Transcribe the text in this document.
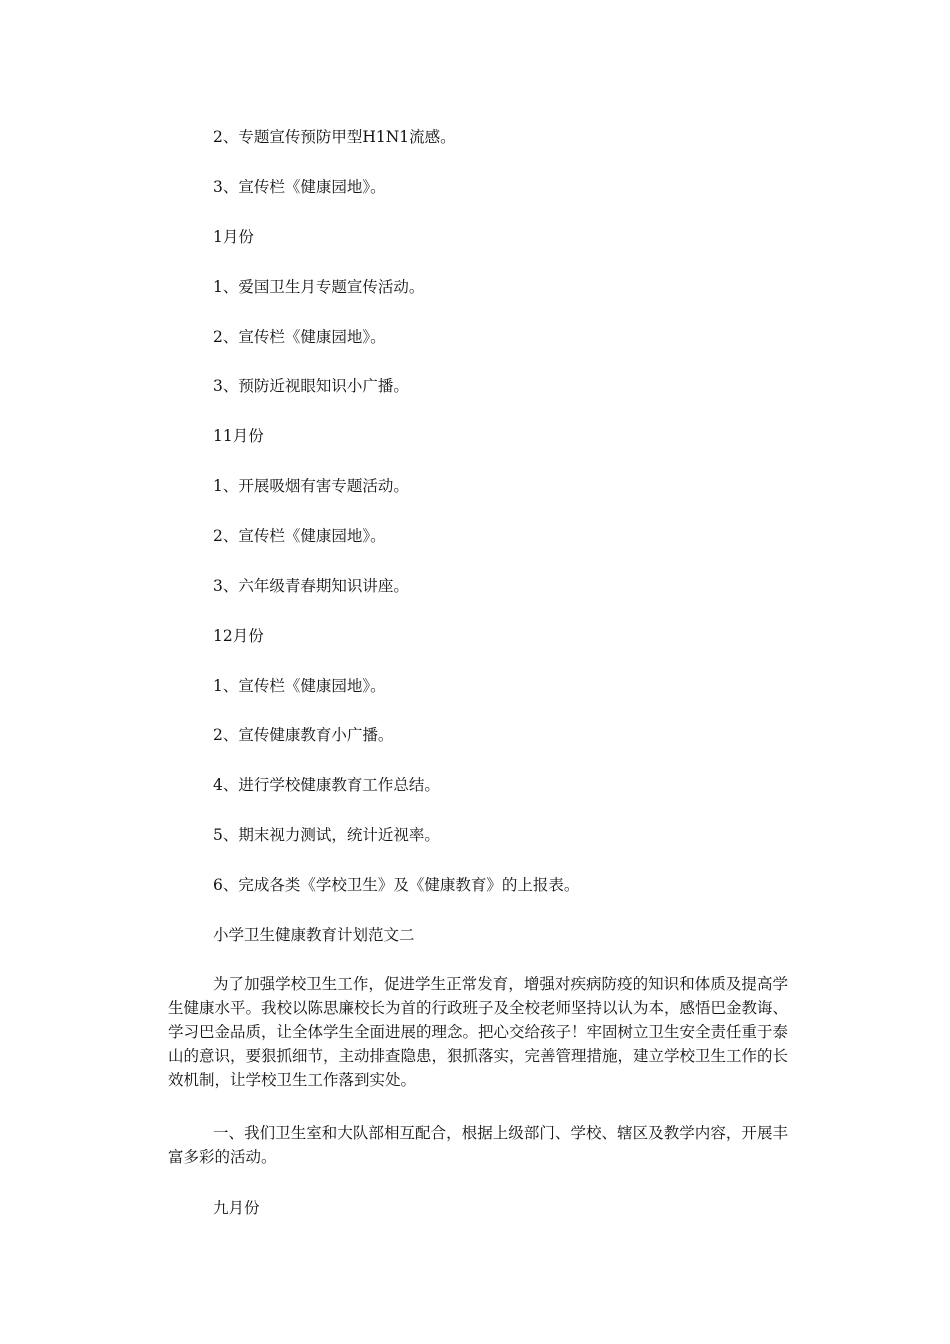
2、专题宣传预防甲型H1N1流感。
3、宣传栏《健康园地》。
1月份
1、爱国卫生月专题宣传活动。
2、宣传栏《健康园地》。
3、预防近视眼知识小广播。
11月份
1、开展吸烟有害专题活动。
2、宣传栏《健康园地》。
3、六年级青春期知识讲座。
12月份
1、宣传栏《健康园地》。
2、宣传健康教育小广播。
4、进行学校健康教育工作总结。
5、期末视力测试，统计近视率。
6、完成各类《学校卫生》及《健康教育》的上报表。
小学卫生健康教育计划范文二
为了加强学校卫生工作，促进学生正常发育，增强对疾病防疫的知识和体质及提高学生健康水平。我校以陈思廉校长为首的行政班子及全校老师坚持以认为本，感悟巴金教诲、学习巴金品质，让全体学生全面进展的理念。把心交给孩子！牢固树立卫生安全责任重于泰山的意识，要狠抓细节，主动排查隐患，狠抓落实，完善管理措施，建立学校卫生工作的长效机制，让学校卫生工作落到实处。
一、我们卫生室和大队部相互配合，根据上级部门、学校、辖区及教学内容，开展丰富多彩的活动。
九月份
